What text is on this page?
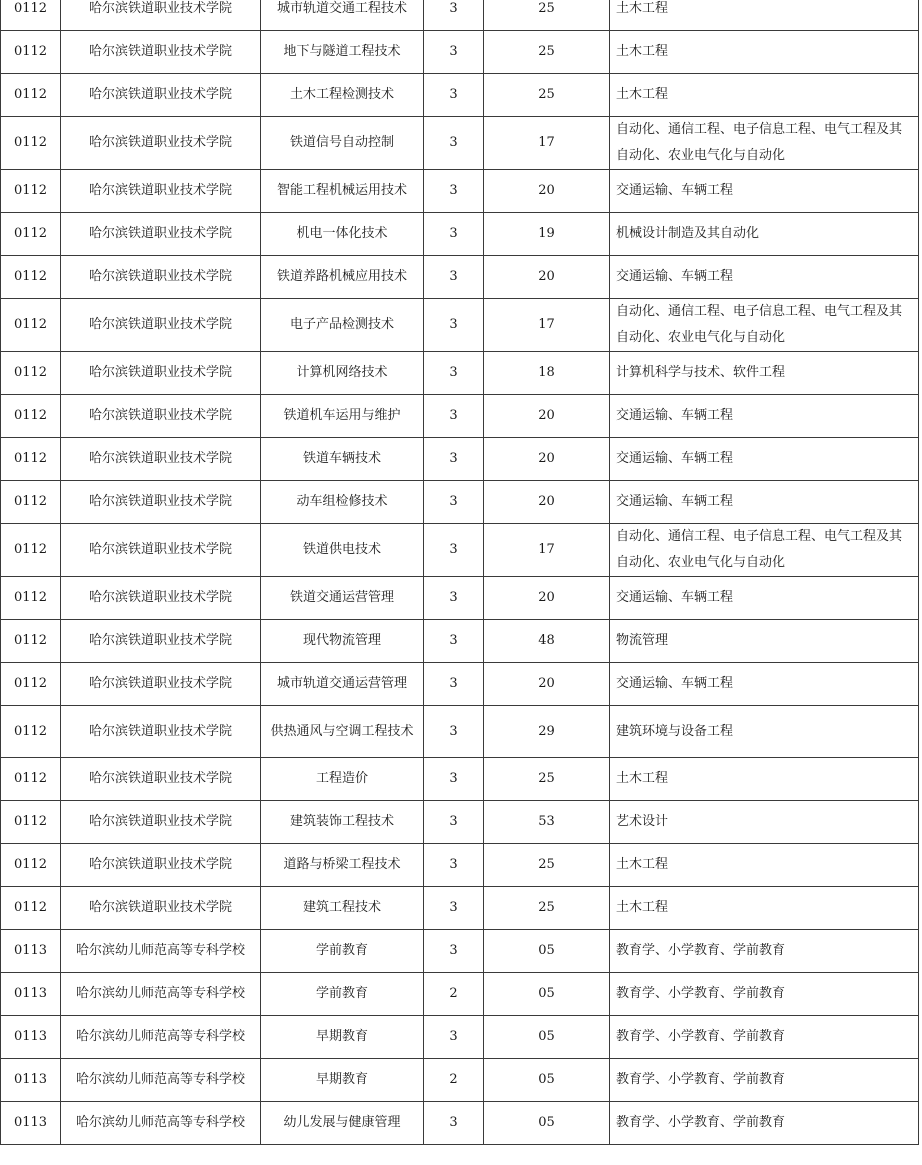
0112	哈尔滨铁道职业技术学院	城市轨道交通工程技术	3	25	土木工程
0112	哈尔滨铁道职业技术学院	地下与隧道工程技术	3	25	土木工程
0112	哈尔滨铁道职业技术学院	土木工程检测技术	3	25	土木工程
0112	哈尔滨铁道职业技术学院	铁道信号自动控制	3	17	自动化、通信工程、电子信息工程、电气工程及其自动化、农业电气化与自动化
0112	哈尔滨铁道职业技术学院	智能工程机械运用技术	3	20	交通运输、车辆工程
0112	哈尔滨铁道职业技术学院	机电一体化技术	3	19	机械设计制造及其自动化
0112	哈尔滨铁道职业技术学院	铁道养路机械应用技术	3	20	交通运输、车辆工程
0112	哈尔滨铁道职业技术学院	电子产品检测技术	3	17	自动化、通信工程、电子信息工程、电气工程及其自动化、农业电气化与自动化
0112	哈尔滨铁道职业技术学院	计算机网络技术	3	18	计算机科学与技术、软件工程
0112	哈尔滨铁道职业技术学院	铁道机车运用与维护	3	20	交通运输、车辆工程
0112	哈尔滨铁道职业技术学院	铁道车辆技术	3	20	交通运输、车辆工程
0112	哈尔滨铁道职业技术学院	动车组检修技术	3	20	交通运输、车辆工程
0112	哈尔滨铁道职业技术学院	铁道供电技术	3	17	自动化、通信工程、电子信息工程、电气工程及其自动化、农业电气化与自动化
0112	哈尔滨铁道职业技术学院	铁道交通运营管理	3	20	交通运输、车辆工程
0112	哈尔滨铁道职业技术学院	现代物流管理	3	48	物流管理
0112	哈尔滨铁道职业技术学院	城市轨道交通运营管理	3	20	交通运输、车辆工程
0112	哈尔滨铁道职业技术学院	供热通风与空调工程技术	3	29	建筑环境与设备工程
0112	哈尔滨铁道职业技术学院	工程造价	3	25	土木工程
0112	哈尔滨铁道职业技术学院	建筑装饰工程技术	3	53	艺术设计
0112	哈尔滨铁道职业技术学院	道路与桥梁工程技术	3	25	土木工程
0112	哈尔滨铁道职业技术学院	建筑工程技术	3	25	土木工程
0113	哈尔滨幼儿师范高等专科学校	学前教育	3	05	教育学、小学教育、学前教育
0113	哈尔滨幼儿师范高等专科学校	学前教育	2	05	教育学、小学教育、学前教育
0113	哈尔滨幼儿师范高等专科学校	早期教育	3	05	教育学、小学教育、学前教育
0113	哈尔滨幼儿师范高等专科学校	早期教育	2	05	教育学、小学教育、学前教育
0113	哈尔滨幼儿师范高等专科学校	幼儿发展与健康管理	3	05	教育学、小学教育、学前教育
